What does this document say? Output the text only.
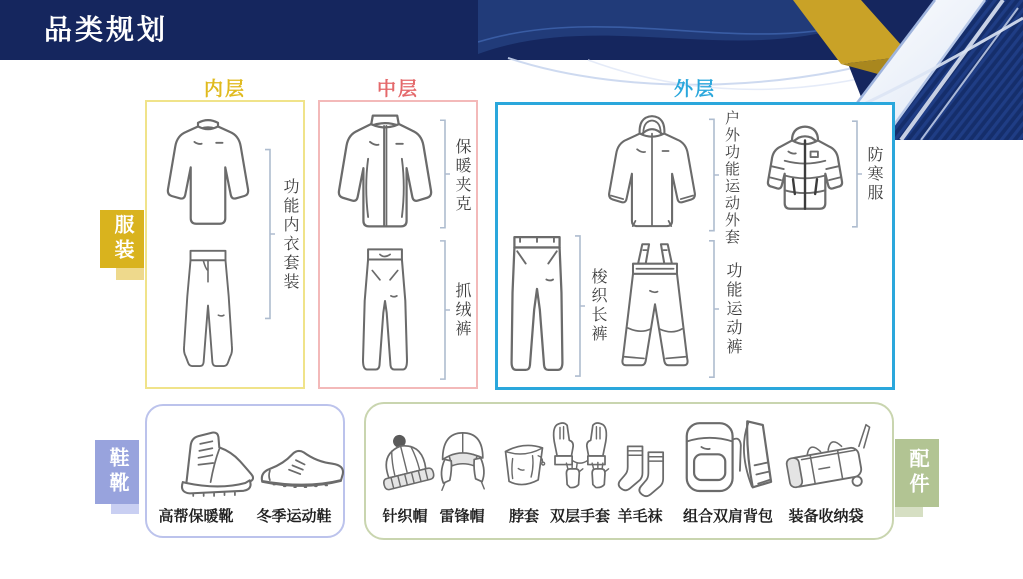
品类规划
内层	中层	外层
服装	功能内衣套装
保暖夹克
抓绒裤	梭织长裤
户外功能运动外套
功能运动裤
防寒服
鞋靴
高帮保暖靴	冬季运动鞋
配件
针织帽 雷锋帽	脖套 双层手套 羊毛袜	组合双肩背包	装备收纳袋
